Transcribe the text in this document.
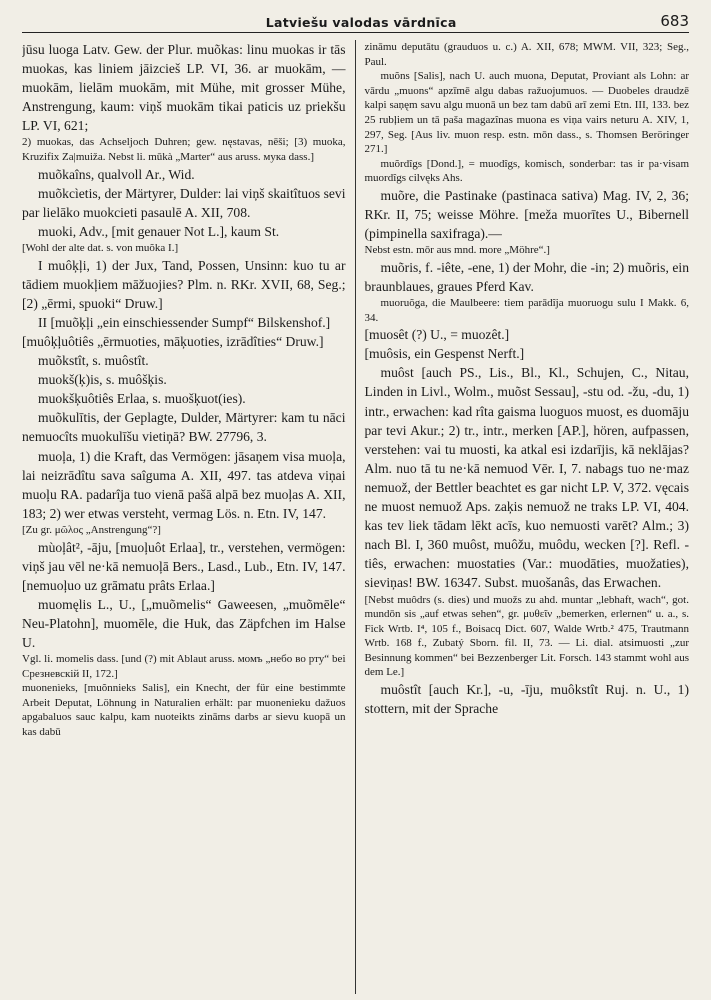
Latviešu valodas vārdnīca	683

jūsu luoga Latv. Gew. der Plur. muõkas: linu muokas ir tās muokas, kas liniem jāizcieš LP. VI, 36. ar muokām, — muokām, lielām muokām, mit Mühe, mit grosser Mühe, Anstrengung, kaum: viņš muokām tikai paticis uz priekšu LP. VI, 621;

2) muokas, das Achseljoch Duhren; gew. nęstavas, nēši; [3) muoka, Kruzifix Za|muiža. Nebst li. mūkà „Marter“ aus aruss. мука dass.]

muõkaîns, qualvoll Ar., Wid.

muõkcìetis, der Märtyrer, Dulder: lai viņš skaitîtuos sevi par lielāko muokcieti pasaulē A. XII, 708.

muoki, Adv., [mit genauer Not L.], kaum St.

[Wohl der alte dat. s. von muõka I.]

I muôķļi, 1) der Jux, Tand, Possen, Unsinn: kuo tu ar tādiem muokļiem māžuojies? Plm. n. RKr. XVII, 68, Seg.; [2) „ērmi, spuoki“ Druw.]

II [muõķļi „ein einschiessender Sumpf“ Bilskenshof.]

[muôķļuôtiês „ērmuoties, māķuoties, izrādîties“ Druw.]

muõkstît, s. muôstît.

muokš(ķ)is, s. muôšķis.

muokšķuôtiês Erlaa, s. muošķuot(ies).

muõkulītis, der Geplagte, Dulder, Märtyrer: kam tu nāci nemuocîts muokulīšu vietiņā? BW. 27796, 3.

muoļa, 1) die Kraft, das Vermögen: jāsaņem visa muoļa, lai neizrādîtu sava saîguma A. XII, 497. tas atdeva viņai muoļu RA. padarîja tuo vienā pašā alpā bez muoļas A. XII, 183; 2) wer etwas versteht, vermag Lös. n. Etn. IV, 147.

[Zu gr. μῶλος „Anstrengung“?]

mùoļât², -āju, [muoļuôt Erlaa], tr., verstehen, vermögen: viņš jau vēl ne·kā nemuoļā Bers., Lasd., Lub., Etn. IV, 147. [nemuoļuo uz grāmatu prâts Erlaa.]

muomęlis L., U., [„muõmelis“ Gaweesen, „muõmēle“ Neu-Platohn], muomēle, die Huk, das Zäpfchen im Halse U.

Vgl. li. momelis dass. [und (?) mit Ablaut aruss. момъ „небо во рту“ bei Срезневскій II, 172.]

muonenìeks, [muõnnieks Salis], ein Knecht, der für eine bestimmte Arbeit Deputat, Löhnung in Naturalien erhält: par muonenieku dažuos apgabaluos sauc kalpu, kam nuoteikts zināms darbs ar sievu kuopā un kas dabū

zināmu deputātu (grauduos u. c.) A. XII, 678; MWM. VII, 323; Seg., Paul.

muõns [Salis], nach U. auch muona, Deputat, Proviant als Lohn: ar vārdu „muons“ apzīmē algu dabas ražuojumuos. — Duobeles draudzē kalpi saņęm savu algu muonā un bez tam dabū arī zemi Etn. III, 133. bez 25 rubļiem un tā paša magazînas muona es viņa vairs neturu A. XIV, 1, 297, Seg. [Aus liv. muon resp. estn. mōn dass., s. Thomsen Beröringer 271.]

muõrdîgs [Dond.], = muodîgs, komisch, sonderbar: tas ir pa·visam muordîgs cilvęks Ahs.

muõre, die Pastinake (pastinaca sativa) Mag. IV, 2, 36; RKr. II, 75; weisse Möhre. [meža muorītes U., Bibernell (pimpinella saxifraga).—

Nebst estn. mōr aus mnd. more „Möhre“.]

muõris, f. -iête, -ene, 1) der Mohr, die -in; 2) muõris, ein braunblaues, graues Pferd Kav.

muoruõga, die Maulbeere: tiem parādîja muoruogu sulu I Makk. 6, 34.

[muosêt (?) U., = muozêt.]

[muôsis, ein Gespenst Nerft.]

muôst [auch PS., Lis., Bl., Kl., Schujen, C., Nitau, Linden in Livl., Wolm., muõst Sessau], -stu od. -žu, -du, 1) intr., erwachen: kad rîta gaisma luoguos muost, es duomāju par tevi Akur.; 2) tr., intr., merken [AP.], hören, aufpassen, verstehen: vai tu muosti, ka atkal esi izdarījis, kā neklājas? Alm. nuo tā tu ne·kā nemuod Vēr. I, 7. nabags tuo ne·maz nemuož, der Bettler beachtet es gar nicht LP. V, 372. vęcais ne muost nemuož Aps. zaķis nemuož ne traks LP. VI, 404. kas tev liek tādam lēkt acīs, kuo nemuosti varēt? Alm.; 3) nach Bl. I, 360 muôst, muôžu, muôdu, wecken [?]. Refl. -tiês, erwachen: muostaties (Var.: muodāties, muožaties), sieviņas! BW. 16347. Subst. muošanâs, das Erwachen.

[Nebst muôdrs (s. dies) und muožs zu ahd. muntar „lebhaft, wach“, got. mundōn sis „auf etwas sehen“, gr. μυθεῖν „bemerken, erlernen“ u. a., s. Fick Wrtb. I⁴, 105 f., Boisacq Dict. 607, Walde Wrtb.² 475, Trautmann Wrtb. 168 f., Zubatý Sborn. fil. II, 73. — Li. dial. atsimuosti „zur Besinnung kommen“ bei Bezzenberger Lit. Forsch. 143 stammt wohl aus dem Le.]

muôstît [auch Kr.], -u, -īju, muôkstît Ruj. n. U., 1) stottern, mit der Sprache
